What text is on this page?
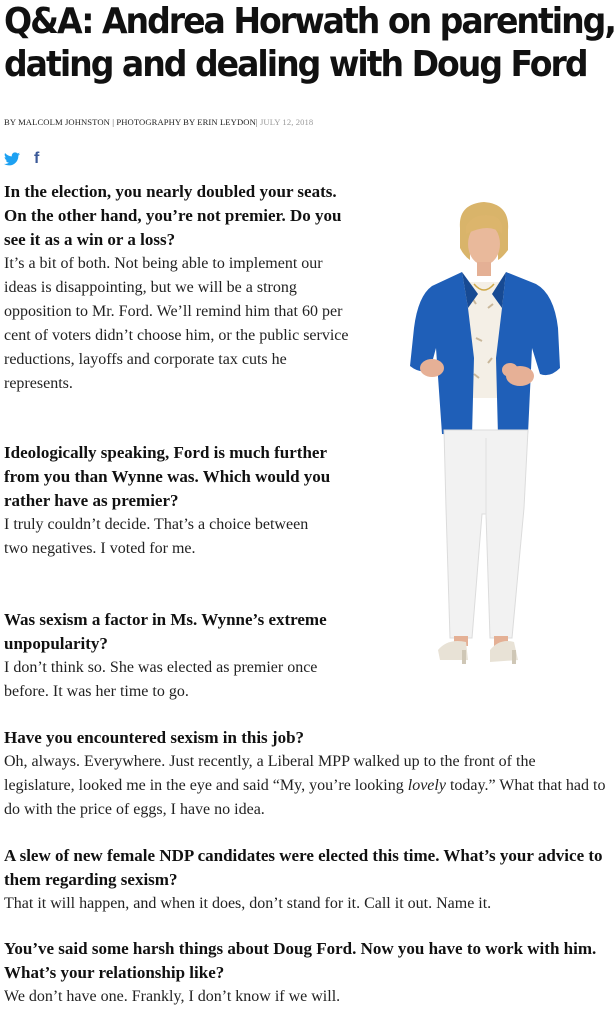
Q&A: Andrea Horwath on parenting,
dating and dealing with Doug Ford
BY MALCOLM JOHNSTON | PHOTOGRAPHY BY ERIN LEYDON| JULY 12, 2018
f
In the election, you nearly doubled your seats. On the other hand, you’re not premier. Do you see it as a win or a loss?
It’s a bit of both. Not being able to implement our ideas is disappointing, but we will be a strong opposition to Mr. Ford. We’ll remind him that 60 per cent of voters didn’t choose him, or the public service reductions, layoffs and corporate tax cuts he represents.
Ideologically speaking, Ford is much further from you than Wynne was. Which would you rather have as premier?
I truly couldn’t decide. That’s a choice between two negatives. I voted for me.
Was sexism a factor in Ms. Wynne’s extreme unpopularity?
I don’t think so. She was elected as premier once before. It was her time to go.
Have you encountered sexism in this job?
Oh, always. Everywhere. Just recently, a Liberal MPP walked up to the front of the legislature, looked me in the eye and said “My, you’re looking lovely today.” What that had to do with the price of eggs, I have no idea.
A slew of new female NDP candidates were elected this time. What’s your advice to them regarding sexism?
That it will happen, and when it does, don’t stand for it. Call it out. Name it.
You’ve said some harsh things about Doug Ford. Now you have to work with him. What’s your relationship like?
We don’t have one. Frankly, I don’t know if we will.
